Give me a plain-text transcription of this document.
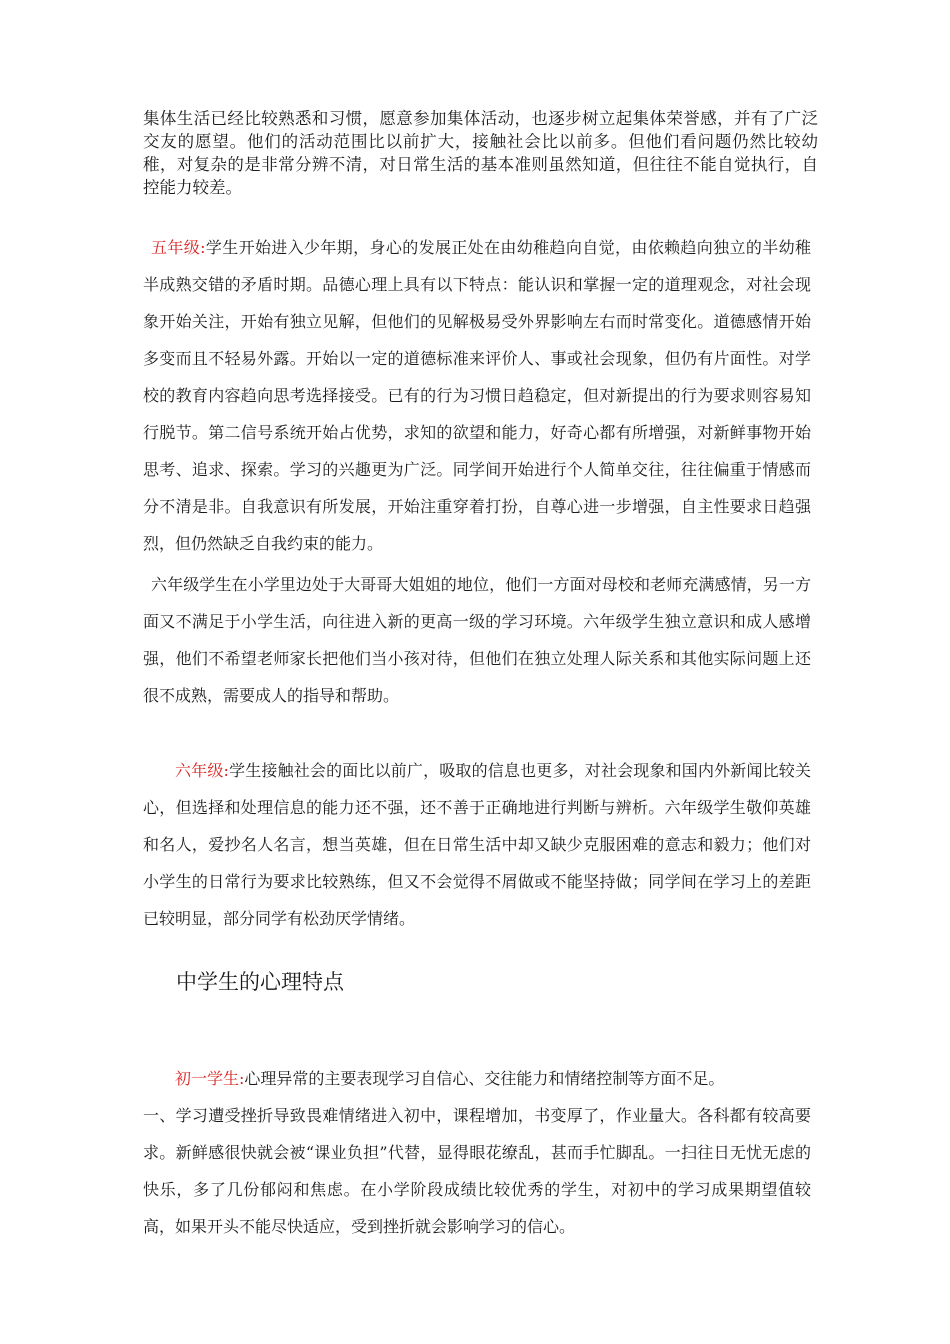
集体生活已经比较熟悉和习惯，愿意参加集体活动，也逐步树立起集体荣誉感，并有了广泛交友的愿望。他们的活动范围比以前扩大，接触社会比以前多。但他们看问题仍然比较幼稚，对复杂的是非常分辨不清，对日常生活的基本准则虽然知道，但往往不能自觉执行，自控能力较差。

五年级:学生开始进入少年期，身心的发展正处在由幼稚趋向自觉，由依赖趋向独立的半幼稚半成熟交错的矛盾时期。品德心理上具有以下特点：能认识和掌握一定的道理观念，对社会现象开始关注，开始有独立见解，但他们的见解极易受外界影响左右而时常变化。道德感情开始多变而且不轻易外露。开始以一定的道德标准来评价人、事或社会现象，但仍有片面性。对学校的教育内容趋向思考选择接受。已有的行为习惯日趋稳定，但对新提出的行为要求则容易知行脱节。第二信号系统开始占优势，求知的欲望和能力，好奇心都有所增强，对新鲜事物开始思考、追求、探索。学习的兴趣更为广泛。同学间开始进行个人简单交往，往往偏重于情感而分不清是非。自我意识有所发展，开始注重穿着打扮，自尊心进一步增强，自主性要求日趋强烈，但仍然缺乏自我约束的能力。

六年级学生在小学里边处于大哥哥大姐姐的地位，他们一方面对母校和老师充满感情，另一方面又不满足于小学生活，向往进入新的更高一级的学习环境。六年级学生独立意识和成人感增强，他们不希望老师家长把他们当小孩对待，但他们在独立处理人际关系和其他实际问题上还很不成熟，需要成人的指导和帮助。

六年级:学生接触社会的面比以前广，吸取的信息也更多，对社会现象和国内外新闻比较关心，但选择和处理信息的能力还不强，还不善于正确地进行判断与辨析。六年级学生敬仰英雄和名人，爱抄名人名言，想当英雄，但在日常生活中却又缺少克服困难的意志和毅力；他们对小学生的日常行为要求比较熟练，但又不会觉得不屑做或不能坚持做；同学间在学习上的差距已较明显，部分同学有松劲厌学情绪。

中学生的心理特点

初一学生:心理异常的主要表现学习自信心、交往能力和情绪控制等方面不足。

一、学习遭受挫折导致畏难情绪进入初中，课程增加，书变厚了，作业量大。各科都有较高要求。新鲜感很快就会被“课业负担”代替，显得眼花缭乱，甚而手忙脚乱。一扫往日无忧无虑的快乐，多了几份郁闷和焦虑。在小学阶段成绩比较优秀的学生，对初中的学习成果期望值较高，如果开头不能尽快适应，受到挫折就会影响学习的信心。
